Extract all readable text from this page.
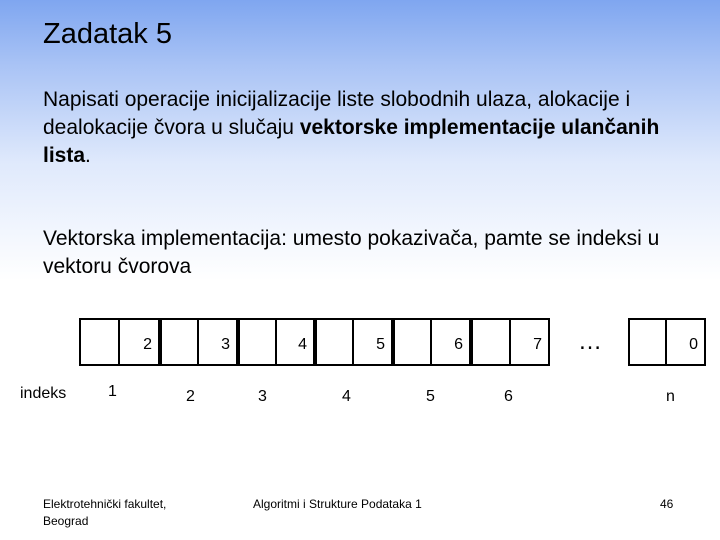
Zadatak 5
Napisati operacije inicijalizacije liste slobodnih ulaza, alokacije i dealokacije čvora u slučaju vektorske implementacije ulančanih lista.
Vektorska implementacija: umesto pokazivača, pamte se indeksi u vektoru čvorova
2	3	4	5	6	7 …	0
indeks	1	2	3	4	5	6	n
Elektrotehnički fakultet, Beograd
Algoritmi i Strukture Podataka 1	46
